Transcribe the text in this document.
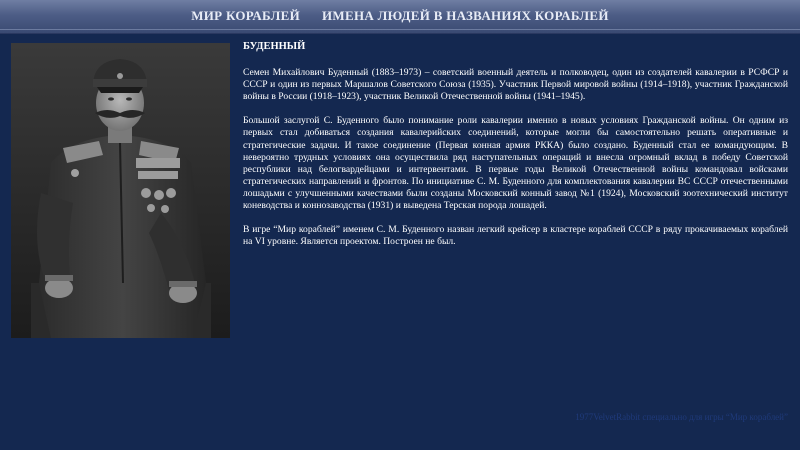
МИР КОРАБЛЕЙ ИМЕНА ЛЮДЕЙ В НАЗВАНИЯХ КОРАБЛЕЙ
БУДЕННЫЙ

Семен Михайлович Буденный (1883–1973) – советский военный деятель и полководец, один из создателей кавалерии в РСФСР и СССР и один из первых Маршалов Советского Союза (1935). Участник Первой мировой войны (1914–1918), участник Гражданской войны в России (1918–1923), участник Великой Отечественной войны (1941–1945).

Большой заслугой С. Буденного было понимание роли кавалерии именно в новых условиях Гражданской войны. Он одним из первых стал добиваться создания кавалерийских соединений, которые могли бы самостоятельно решать оперативные и стратегические задачи. И такое соединение (Первая конная армия РККА) было создано. Буденный стал ее командующим. В невероятно трудных условиях она осуществила ряд наступательных операций и внесла огромный вклад в победу Советской республики над белогвардейцами и интервентами. В первые годы Великой Отечественной войны командовал войсками стратегических направлений и фронтов. По инициативе С. М. Буденного для комплектования кавалерии ВС СССР отечественными лошадьми с улучшенными качествами были созданы Московский конный завод №1 (1924), Московский зоотехнический институт коневодства и коннозаводства (1931) и выведена Терская порода лошадей.

В игре “Мир кораблей” именем С. М. Буденного назван легкий крейсер в кластере кораблей СССР в ряду прокачиваемых кораблей на VI уровне. Является проектом. Построен не был.

1977VelvetRabbit специально для игры “Мир кораблей”
